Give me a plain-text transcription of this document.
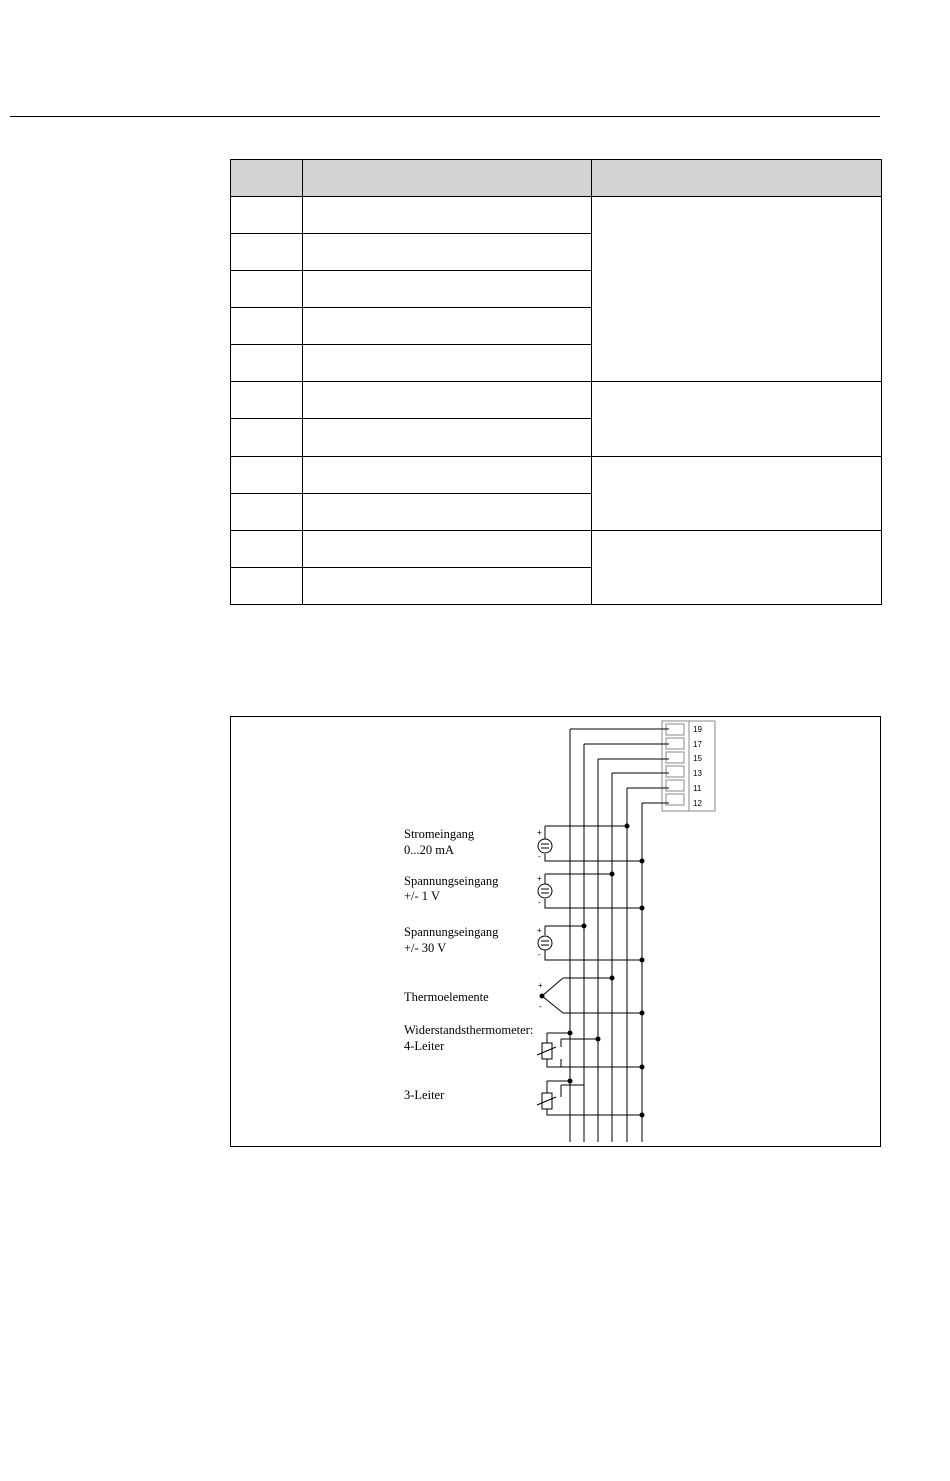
19
17
15
13
11
12
+
-
+
-
+
-
+
-
Stromeingang
0...20 mA
Spannungseingang
+/- 1 V
Spannungseingang
+/- 30 V
Thermoelemente
Widerstandsthermometer:
4-Leiter
3-Leiter
